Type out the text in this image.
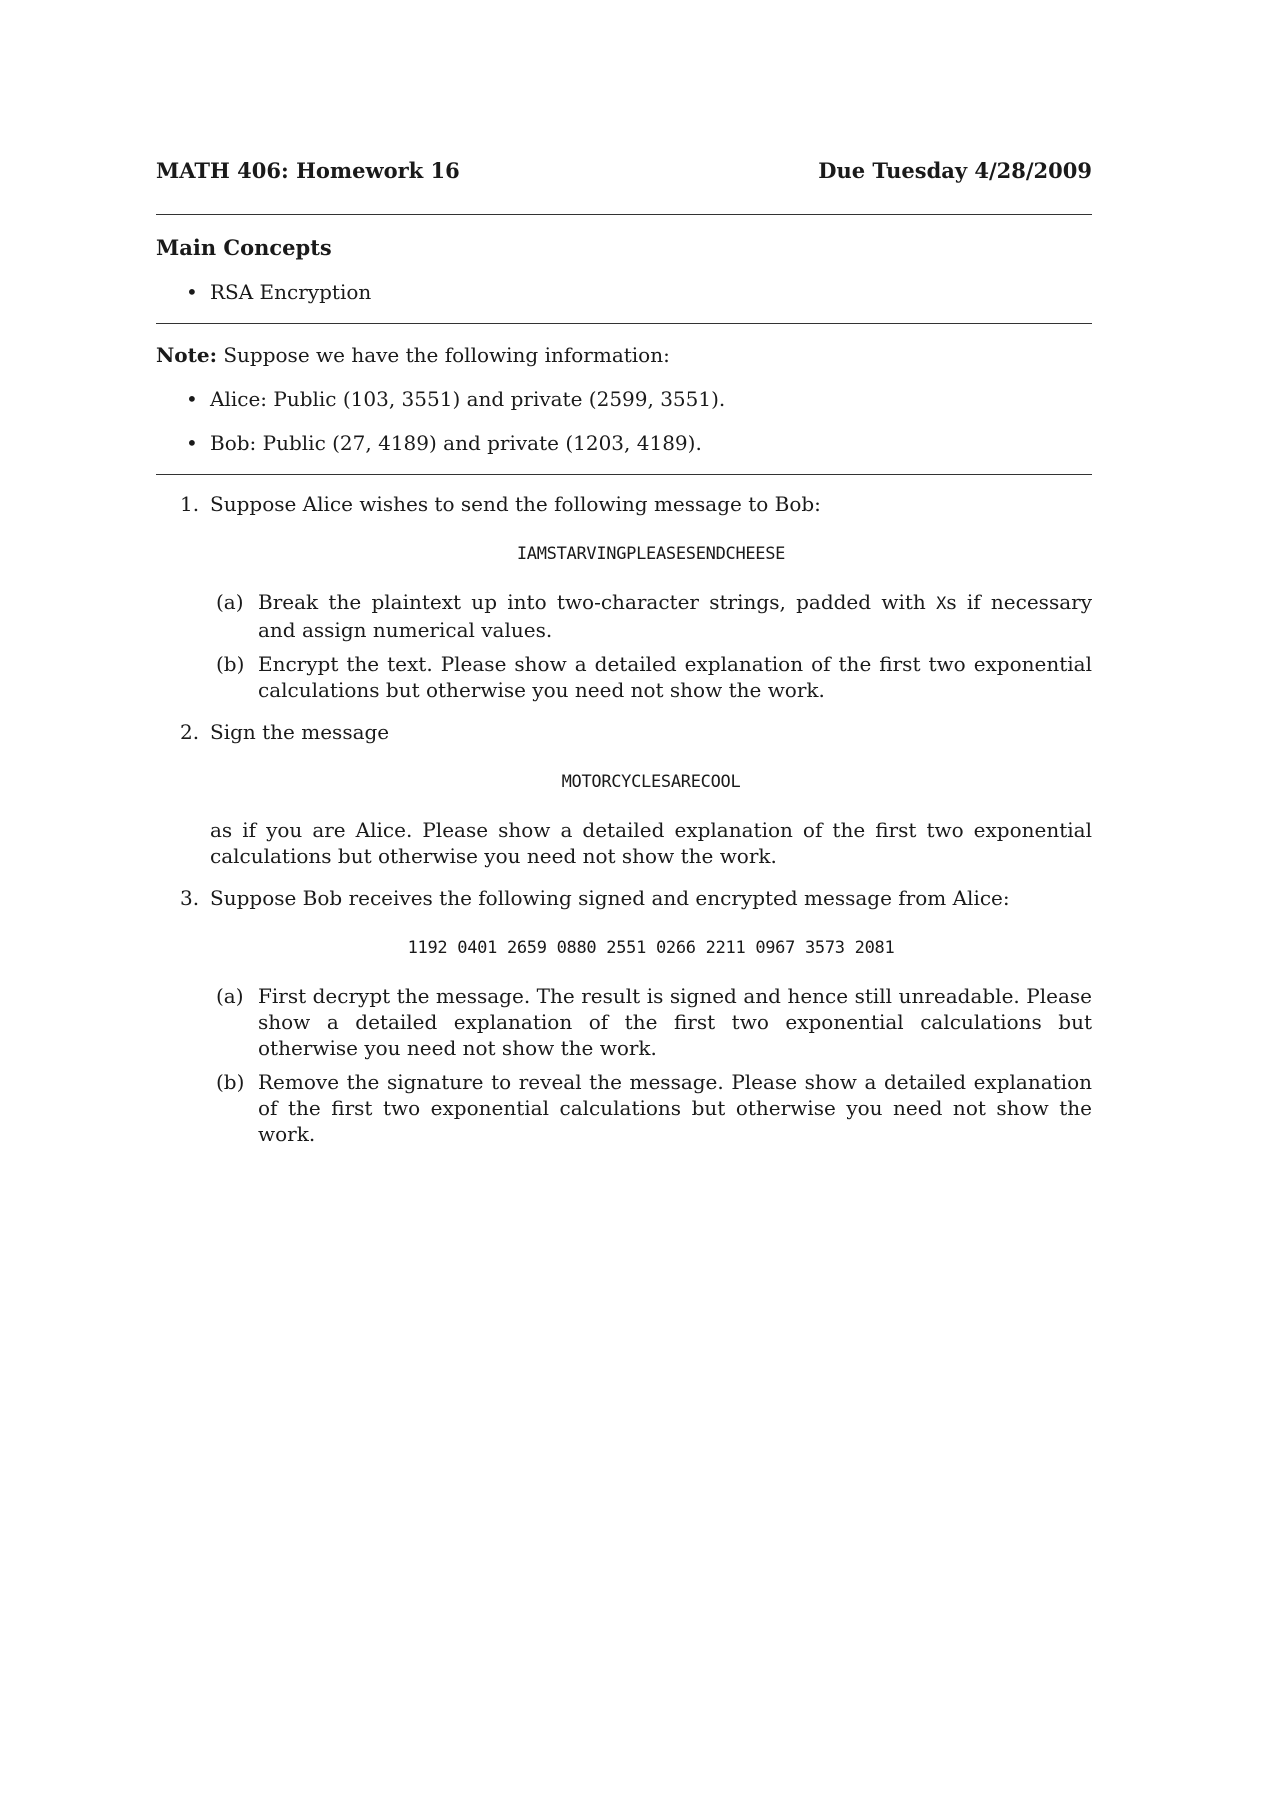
MATH 406: Homework 16	Due Tuesday 4/28/2009
Main Concepts
• RSA Encryption
Note: Suppose we have the following information:
• Alice: Public (103, 3551) and private (2599, 3551).
• Bob: Public (27, 4189) and private (1203, 4189).
1. Suppose Alice wishes to send the following message to Bob:
IAMSTARVINGPLEASESENDCHEESE
(a) Break the plaintext up into two-character strings, padded with Xs if necessary and assign numerical values.
(b) Encrypt the text. Please show a detailed explanation of the first two exponential calculations but otherwise you need not show the work.
2. Sign the message
MOTORCYCLESARECOOL
as if you are Alice. Please show a detailed explanation of the first two exponential calculations but otherwise you need not show the work.
3. Suppose Bob receives the following signed and encrypted message from Alice:
1192 0401 2659 0880 2551 0266 2211 0967 3573 2081
(a) First decrypt the message. The result is signed and hence still unreadable. Please show a detailed explanation of the first two exponential calculations but otherwise you need not show the work.
(b) Remove the signature to reveal the message. Please show a detailed explanation of the first two exponential calculations but otherwise you need not show the work.
